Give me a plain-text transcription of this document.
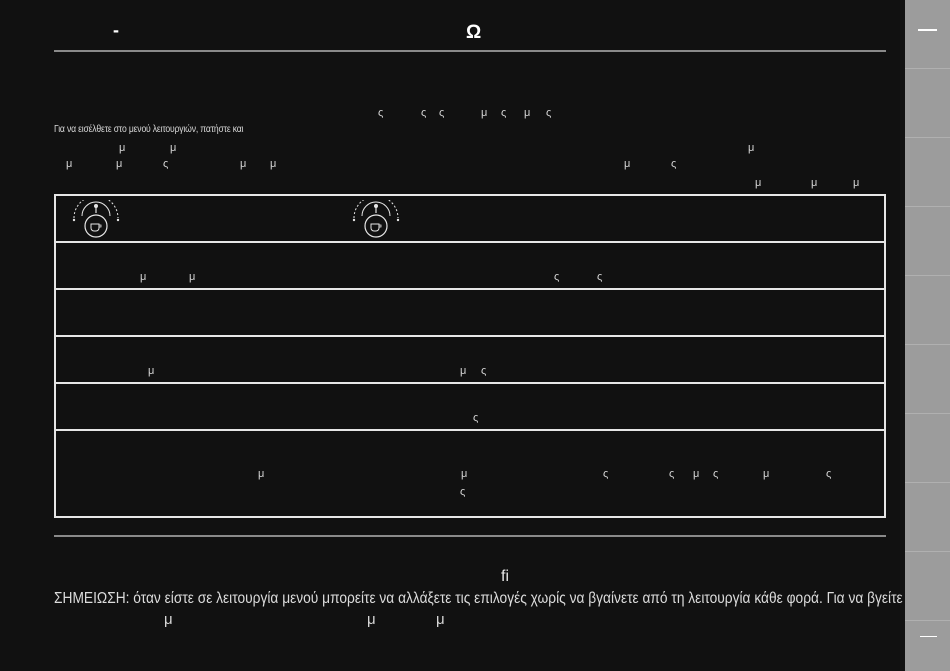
-	Ω
ς	ς ς	μ ς μ ς
Για να εισέλθετε στο μενού λειτουργιών, πατήστε και
μ	μ	μ
μ	μ	ς	μ μ	μ	ς
μ	μ	μ

μ	μ	ς	ς

μ	μ ς

ς

μ	μ	ς	ς μ ς	μ	ς
ς
ﬁ
ΣΗΜΕΙΩΣΗ: όταν είστε σε λειτουργία μενού μπορείτε να αλλάξετε τις επιλογές χωρίς να βγαίνετε από τη λειτουργία κάθε φορά. Για να βγείτε
μ	μ	μ
